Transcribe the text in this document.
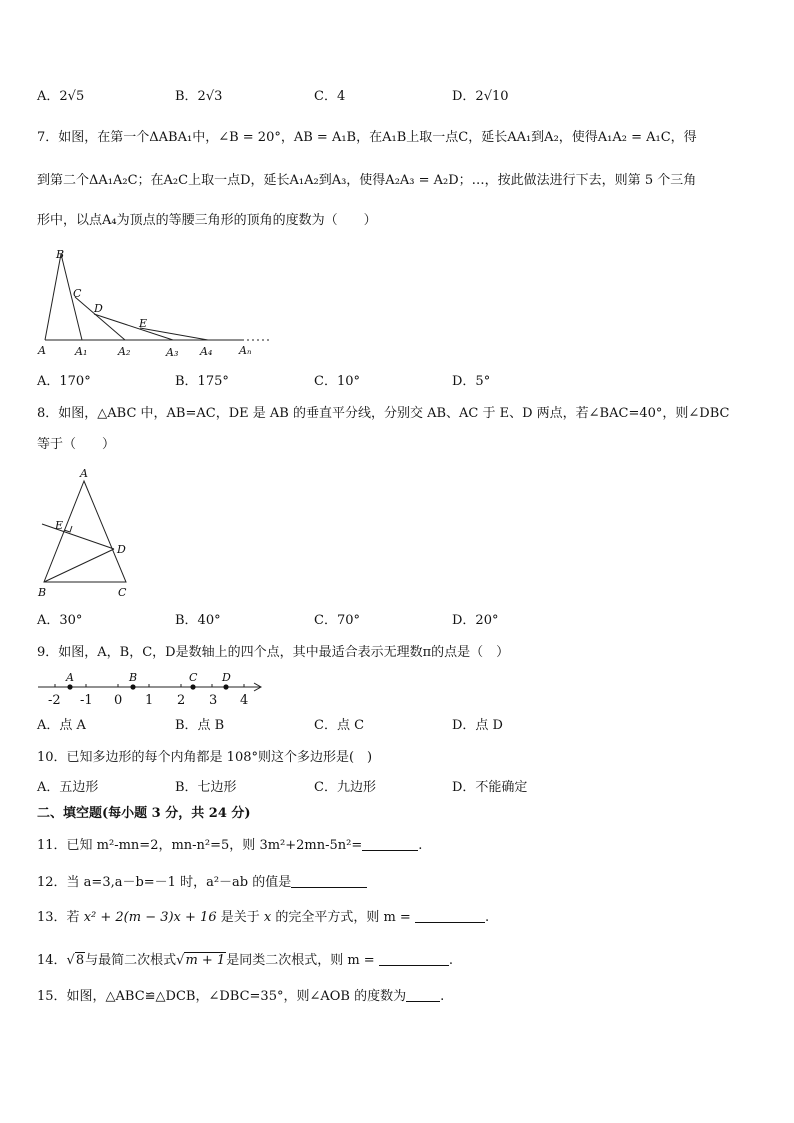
A．2√5	B．2√3	C．4	D．2√10
7．如图，在第一个ΔABA₁中，∠B = 20°，AB = A₁B，在A₁B上取一点C，延长AA₁到A₂，使得A₁A₂ = A₁C，得
到第二个ΔA₁A₂C；在A₂C上取一点D，延长A₁A₂到A₃，使得A₂A₃ = A₂D；…，按此做法进行下去，则第 5 个三角
形中，以点A₄为顶点的等腰三角形的顶角的度数为（　　）
B
C
D
E
A	A₁	A₂	A₃ A₄ Aₙ
A．170°	B．175°	C．10°	D．5°
8．如图，△ABC 中，AB=AC，DE 是 AB 的垂直平分线，分别交 AB、AC 于 E、D 两点，若∠BAC=40°，则∠DBC
等于（　　）
A
E
D
B	C
A．30°	B．40°	C．70°	D．20°
9．如图，A，B，C，D是数轴上的四个点，其中最适合表示无理数π的点是（　）
A	B	C D
-2 -1 0 1 2 3 4
A．点 A	B．点 B	C．点 C	D．点 D
10．已知多边形的每个内角都是 108°则这个多边形是(　)
A．五边形	B．七边形	C．九边形	D．不能确定
二、填空题(每小题 3 分，共 24 分)
11．已知 m²-mn=2，mn-n²=5，则 3m²+2mn-5n²=	.
12．当 a=3,a－b=－1 时，a²－ab 的值是
13．若 x² + 2(m − 3)x + 16 是关于 x 的完全平方式，则 m =	.
14．√8与最简二次根式√m + 1是同类二次根式，则 m =	.
15．如图，△ABC≌△DCB，∠DBC=35°，则∠AOB 的度数为	.
